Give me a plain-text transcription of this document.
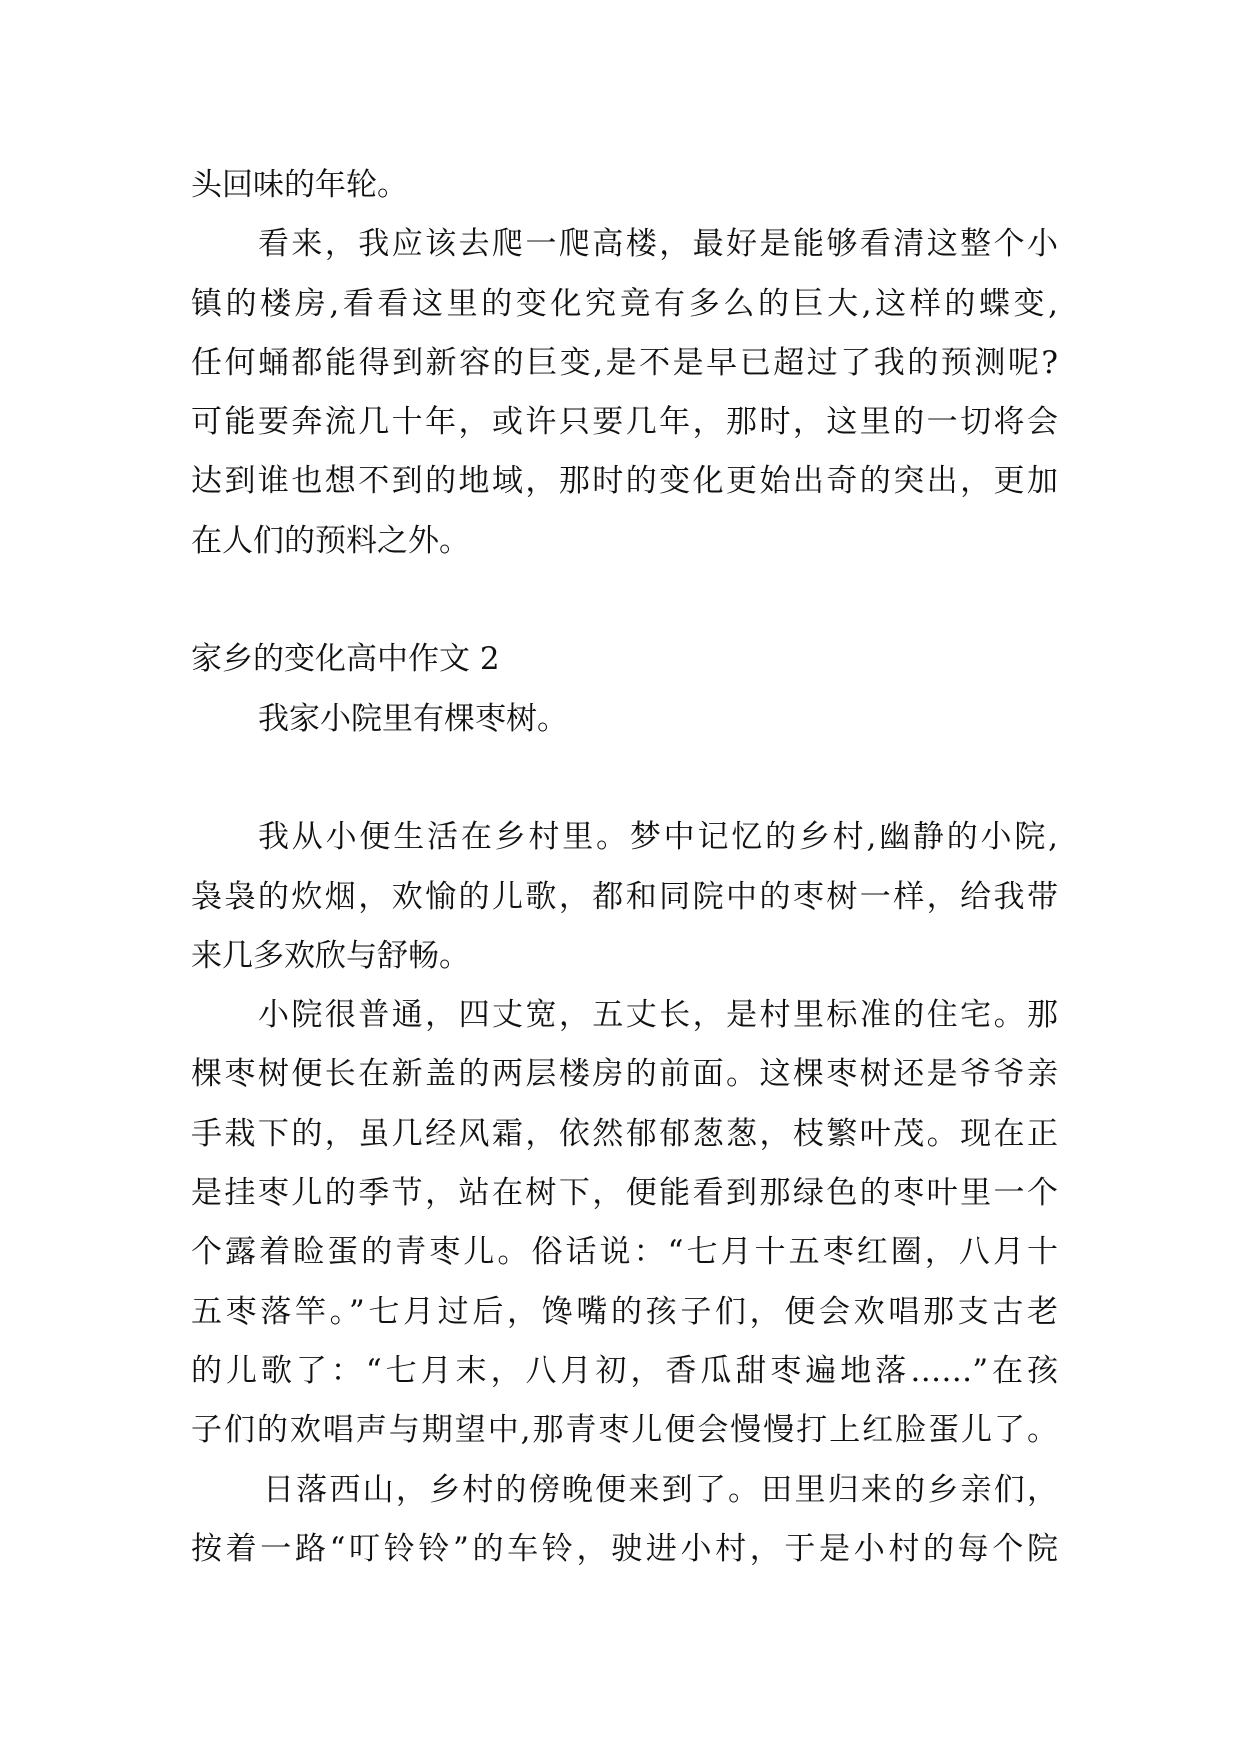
头回味的年轮。
看来，我应该去爬一爬高楼，最好是能够看清这整个小
镇的楼房,看看这里的变化究竟有多么的巨大,这样的蝶变,
任何蛹都能得到新容的巨变,是不是早已超过了我的预测呢?
可能要奔流几十年，或许只要几年，那时，这里的一切将会
达到谁也想不到的地域，那时的变化更始出奇的突出，更加
在人们的预料之外。
家乡的变化高中作文 2
我家小院里有棵枣树。
我从小便生活在乡村里。梦中记忆的乡村,幽静的小院,
袅袅的炊烟，欢愉的儿歌，都和同院中的枣树一样，给我带
来几多欢欣与舒畅。
小院很普通，四丈宽，五丈长，是村里标准的住宅。那
棵枣树便长在新盖的两层楼房的前面。这棵枣树还是爷爷亲
手栽下的，虽几经风霜，依然郁郁葱葱，枝繁叶茂。现在正
是挂枣儿的季节，站在树下，便能看到那绿色的枣叶里一个
个露着睑蛋的青枣儿。俗话说：“七月十五枣红圈，八月十
五枣落竿。”七月过后，馋嘴的孩子们，便会欢唱那支古老
的儿歌了：“七月末，八月初，香瓜甜枣遍地落……”在孩
子们的欢唱声与期望中,那青枣儿便会慢慢打上红脸蛋儿了。
日落西山，乡村的傍晚便来到了。田里归来的乡亲们，
按着一路“叮铃铃”的车铃，驶进小村，于是小村的每个院
